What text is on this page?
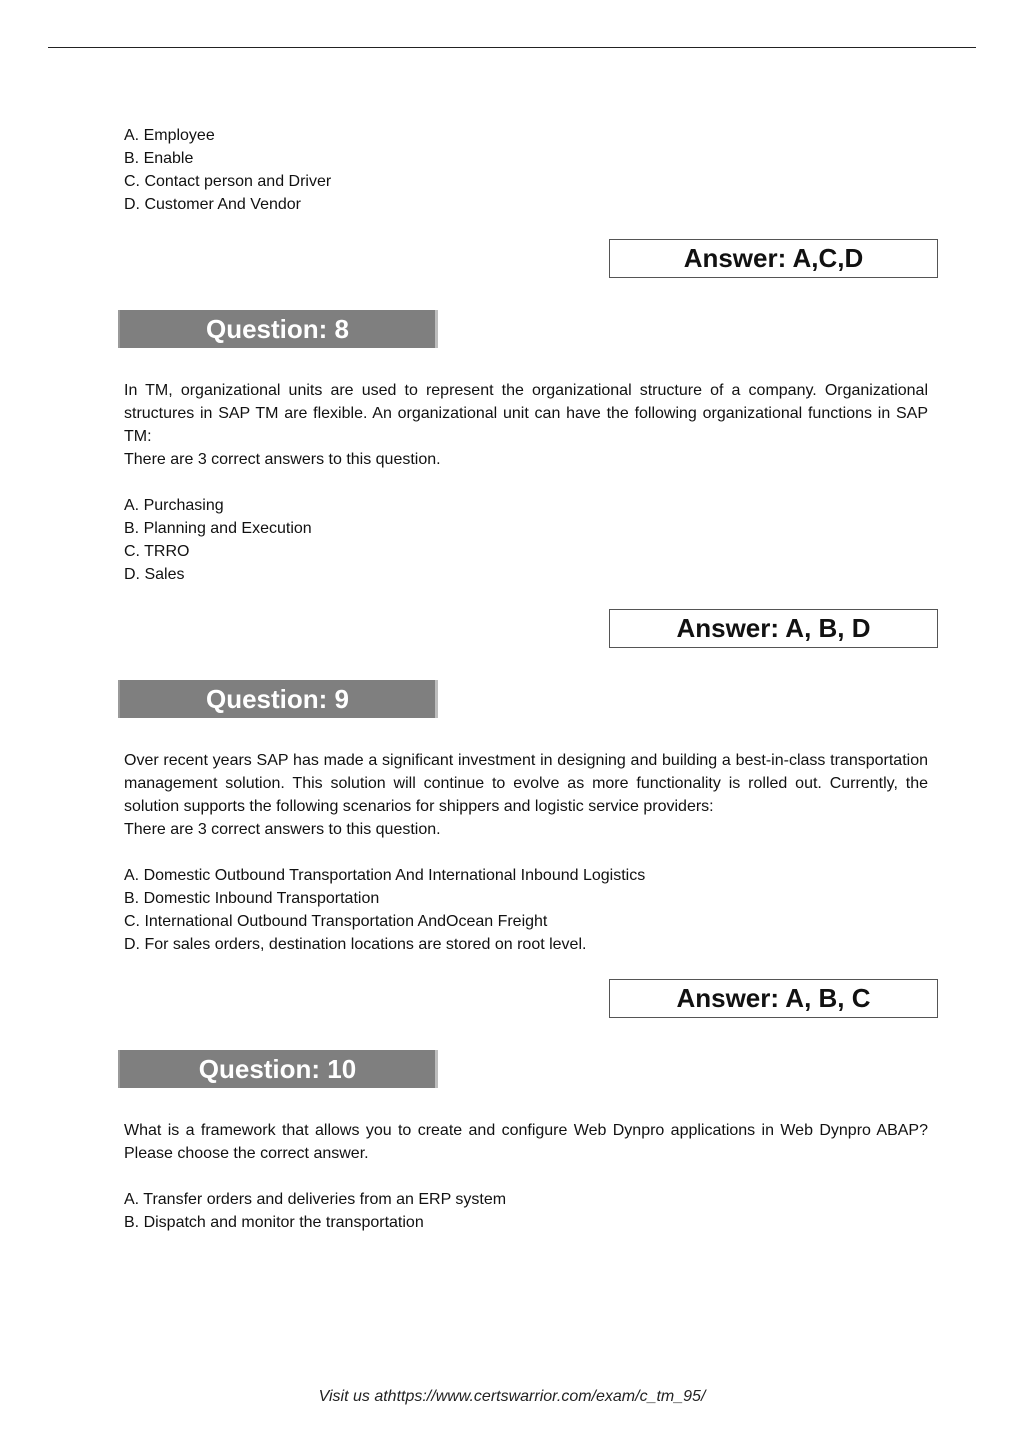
A. Employee
B. Enable
C. Contact person and Driver
D. Customer And Vendor
Answer: A,C,D
Question: 8

In TM, organizational units are used to represent the organizational structure of a company. Organizational structures in SAP TM are flexible. An organizational unit can have the following organizational functions in SAP TM:

There are 3 correct answers to this question.

A. Purchasing
B. Planning and Execution
C. TRRO
D. Sales
Answer: A, B, D
Question: 9

Over recent years SAP has made a significant investment in designing and building a best-in-class transportation management solution. This solution will continue to evolve as more functionality is rolled out. Currently, the solution supports the following scenarios for shippers and logistic service providers:

There are 3 correct answers to this question.

A. Domestic Outbound Transportation And International Inbound Logistics
B. Domestic Inbound Transportation
C. International Outbound Transportation AndOcean Freight
D. For sales orders, destination locations are stored on root level.
Answer: A, B, C
Question: 10

What is a framework that allows you to create and configure Web Dynpro applications in Web Dynpro ABAP? Please choose the correct answer.

A. Transfer orders and deliveries from an ERP system
B. Dispatch and monitor the transportation
Visit us athttps://www.certswarrior.com/exam/c_tm_95/
